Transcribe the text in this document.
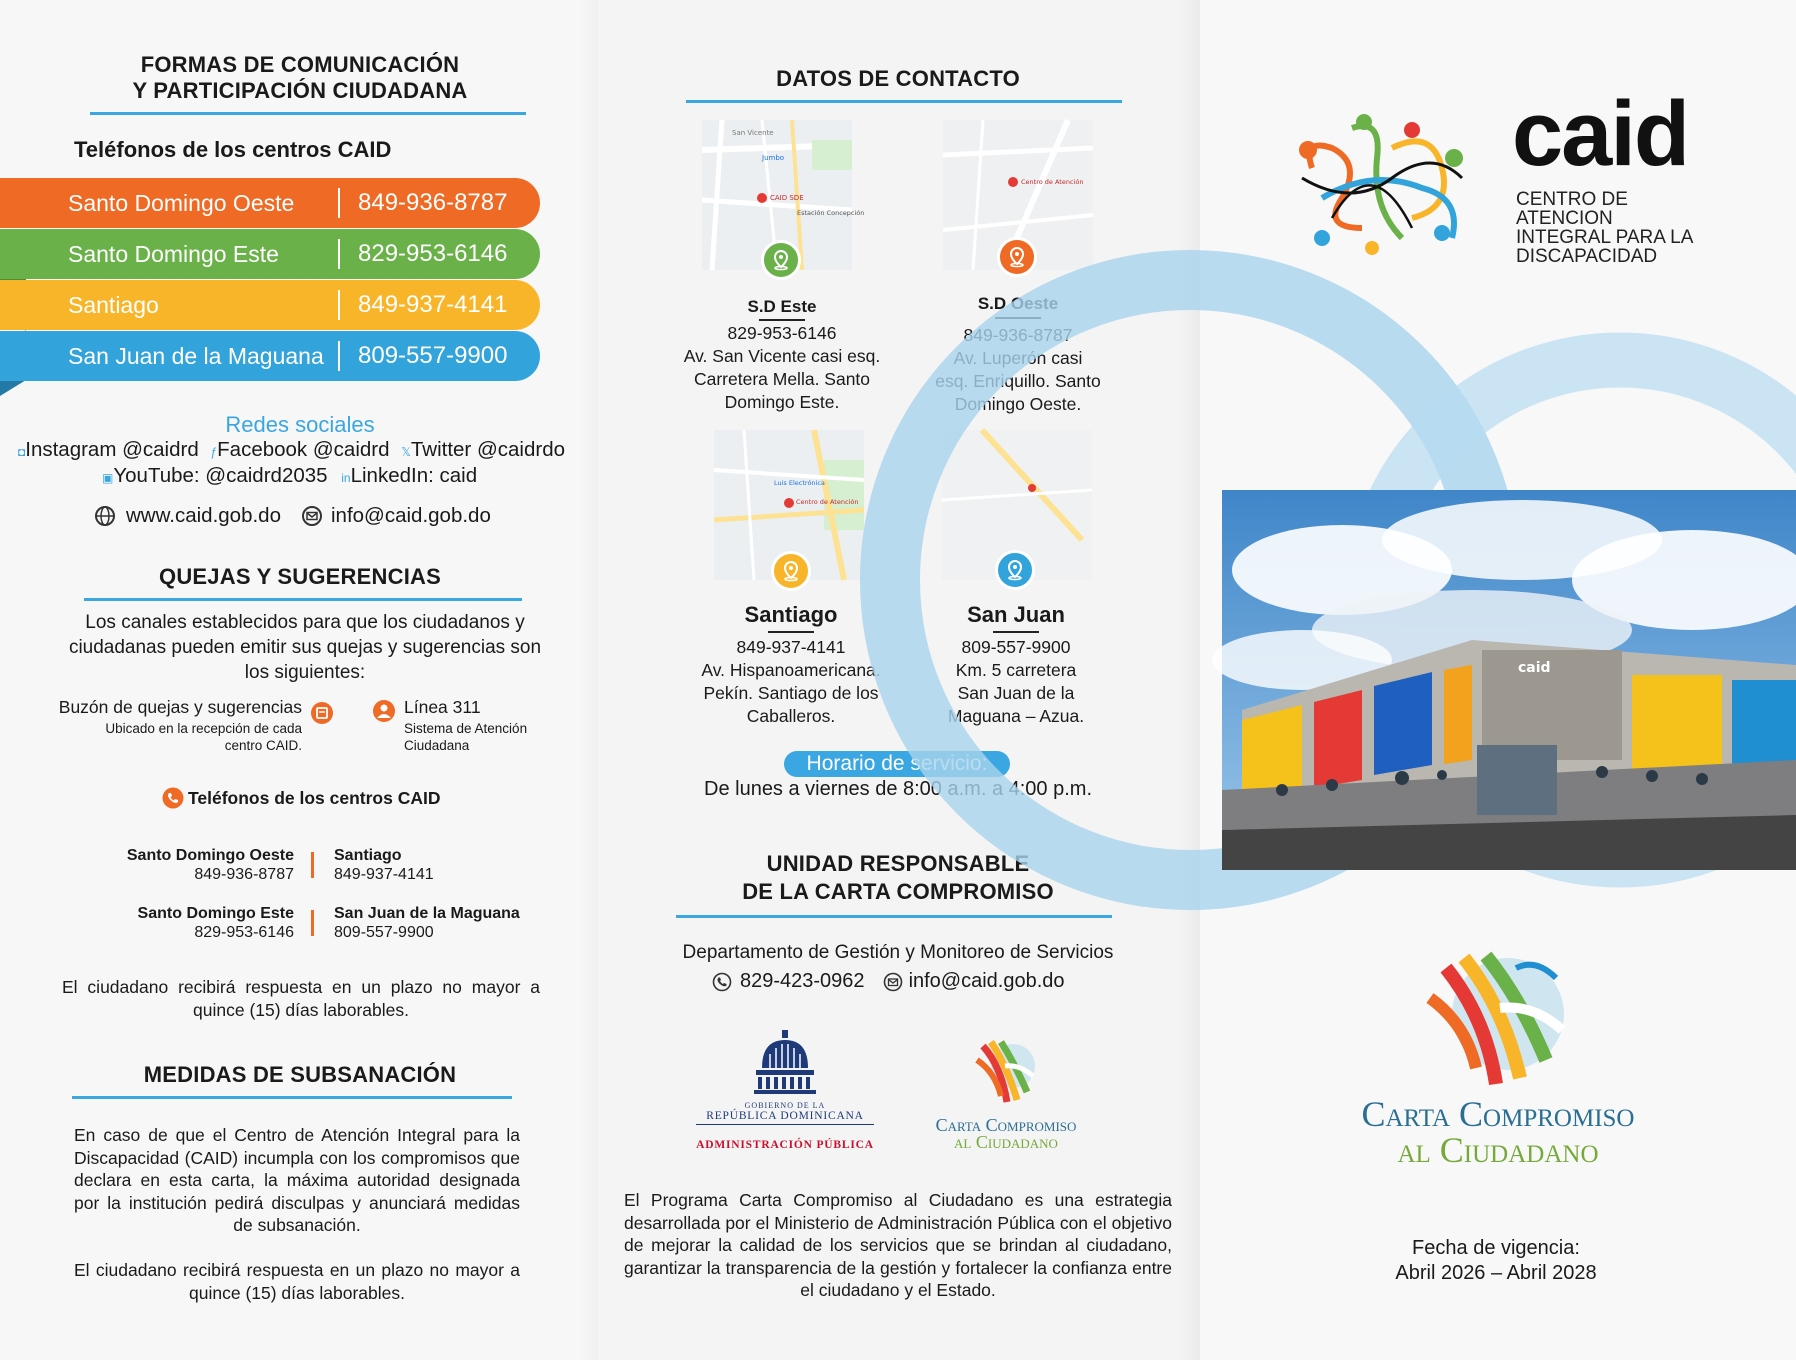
FORMAS DE COMUNICACIÓN
Y PARTICIPACIÓN CIUDADANA
Teléfonos de los centros CAID
Santo Domingo Oeste	849-936-8787
Santo Domingo Este	829-953-6146
Santiago	849-937-4141
San Juan de la Maguana 809-557-9900
Redes sociales
◘Instagram @caidrd ƒFacebook @caidrd 𝕏Twitter @caidrdo
▣YouTube: @caidrd2035 inLinkedIn: caid
www.caid.gob.do info@caid.gob.do
QUEJAS Y SUGERENCIAS
Los canales establecidos para que los ciudadanos y ciudadanas pueden emitir sus quejas y sugerencias son los siguientes:
Buzón de quejas y sugerencias
Ubicado en la recepción de cada
centro CAID.
Línea 311
Sistema de Atención
Ciudadana
Teléfonos de los centros CAID
Santo Domingo Oeste
849-936-8787
Santo Domingo Este
829-953-6146
Santiago
849-937-4141
San Juan de la Maguana
809-557-9900
El ciudadano recibirá respuesta en un plazo no mayor a quince (15) días laborables.
MEDIDAS DE SUBSANACIÓN
En caso de que el Centro de Atención Integral para la Discapacidad (CAID) incumpla con los compromisos que declara en esta carta, la máxima autoridad designada por la institución pedirá disculpas y anunciará medidas de subsanación.
El ciudadano recibirá respuesta en un plazo no mayor a quince (15) días laborables.
DATOS DE CONTACTO
San Vicente
Jumbo
CAID SDE
Estación Concepción
S.D Este
829-953-6146
Av. San Vicente casi esq.
Carretera Mella. Santo
Domingo Este.
Centro de Atención
S.D Oeste
849-936-8787
Av. Luperón casi
esq. Enriquillo. Santo
Domingo Oeste.
Centro de Atención
Luis Electrónica
Santiago
849-937-4141
Av. Hispanoamericana.
Pekín. Santiago de los
Caballeros.
San Juan
809-557-9900
Km. 5 carretera
San Juan de la
Maguana – Azua.
Horario de servicio:
De lunes a viernes de 8:00 a.m. a 4:00 p.m.
UNIDAD RESPONSABLE
DE LA CARTA COMPROMISO
Departamento de Gestión y Monitoreo de Servicios
829-423-0962 info@caid.gob.do
GOBIERNO DE LA
REPÚBLICA DOMINICANA
ADMINISTRACIÓN PÚBLICA
Carta Compromiso
al Ciudadano
El Programa Carta Compromiso al Ciudadano es una estrategia desarrollada por el Ministerio de Administración Pública con el objetivo de mejorar la calidad de los servicios que se brindan al ciudadano, garantizar la transparencia de la gestión y fortalecer la confianza entre el ciudadano y el Estado.
caid
CENTRO DE
ATENCION
INTEGRAL PARA LA
DISCAPACIDAD
caid
Carta Compromiso
al Ciudadano
Fecha de vigencia:
Abril 2026 – Abril 2028
